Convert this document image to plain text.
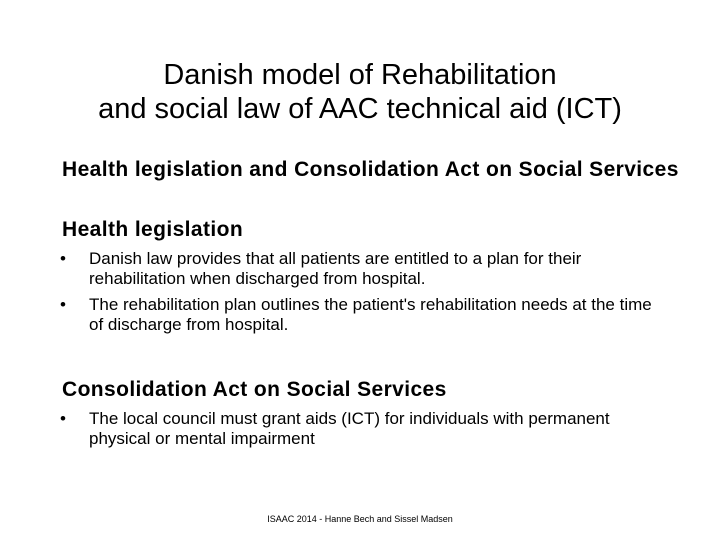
Danish model of Rehabilitation
and social law of AAC technical aid (ICT)
Health legislation and Consolidation Act on Social Services
Health legislation
•	Danish law provides that all patients are entitled to a plan for their rehabilitation when discharged from hospital.
•	The rehabilitation plan outlines the patient's rehabilitation needs at the time of discharge from hospital.
Consolidation Act on Social Services
•	The local council must grant aids (ICT) for individuals with permanent physical or mental impairment
ISAAC 2014 - Hanne Bech and Sissel Madsen
